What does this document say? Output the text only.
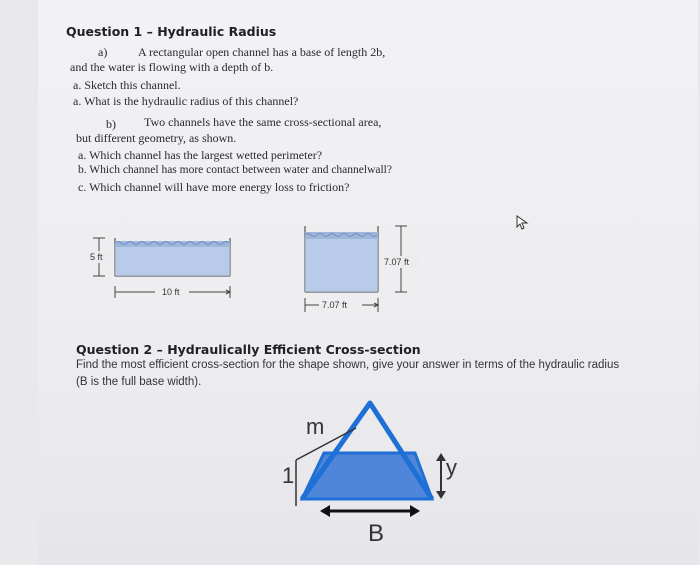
Question 1 – Hydraulic Radius
a)	A rectangular open channel has a base of length 2b,
and the water is flowing with a depth of b.
a. Sketch this channel.
a. What is the hydraulic radius of this channel?
b) Two channels have the same cross-sectional area,
but different geometry, as shown.
a. Which channel has the largest wetted perimeter?
b. Which channel has more contact between water and channelwall?
c. Which channel will have more energy loss to friction?
5 ft
10 ft
7.07 ft
7.07 ft
Question 2 – Hydraulically Efficient Cross-section
Find the most efficient cross-section for the shape shown, give your answer in terms of the hydraulic radius
(B is the full base width).
m
1	y
B
